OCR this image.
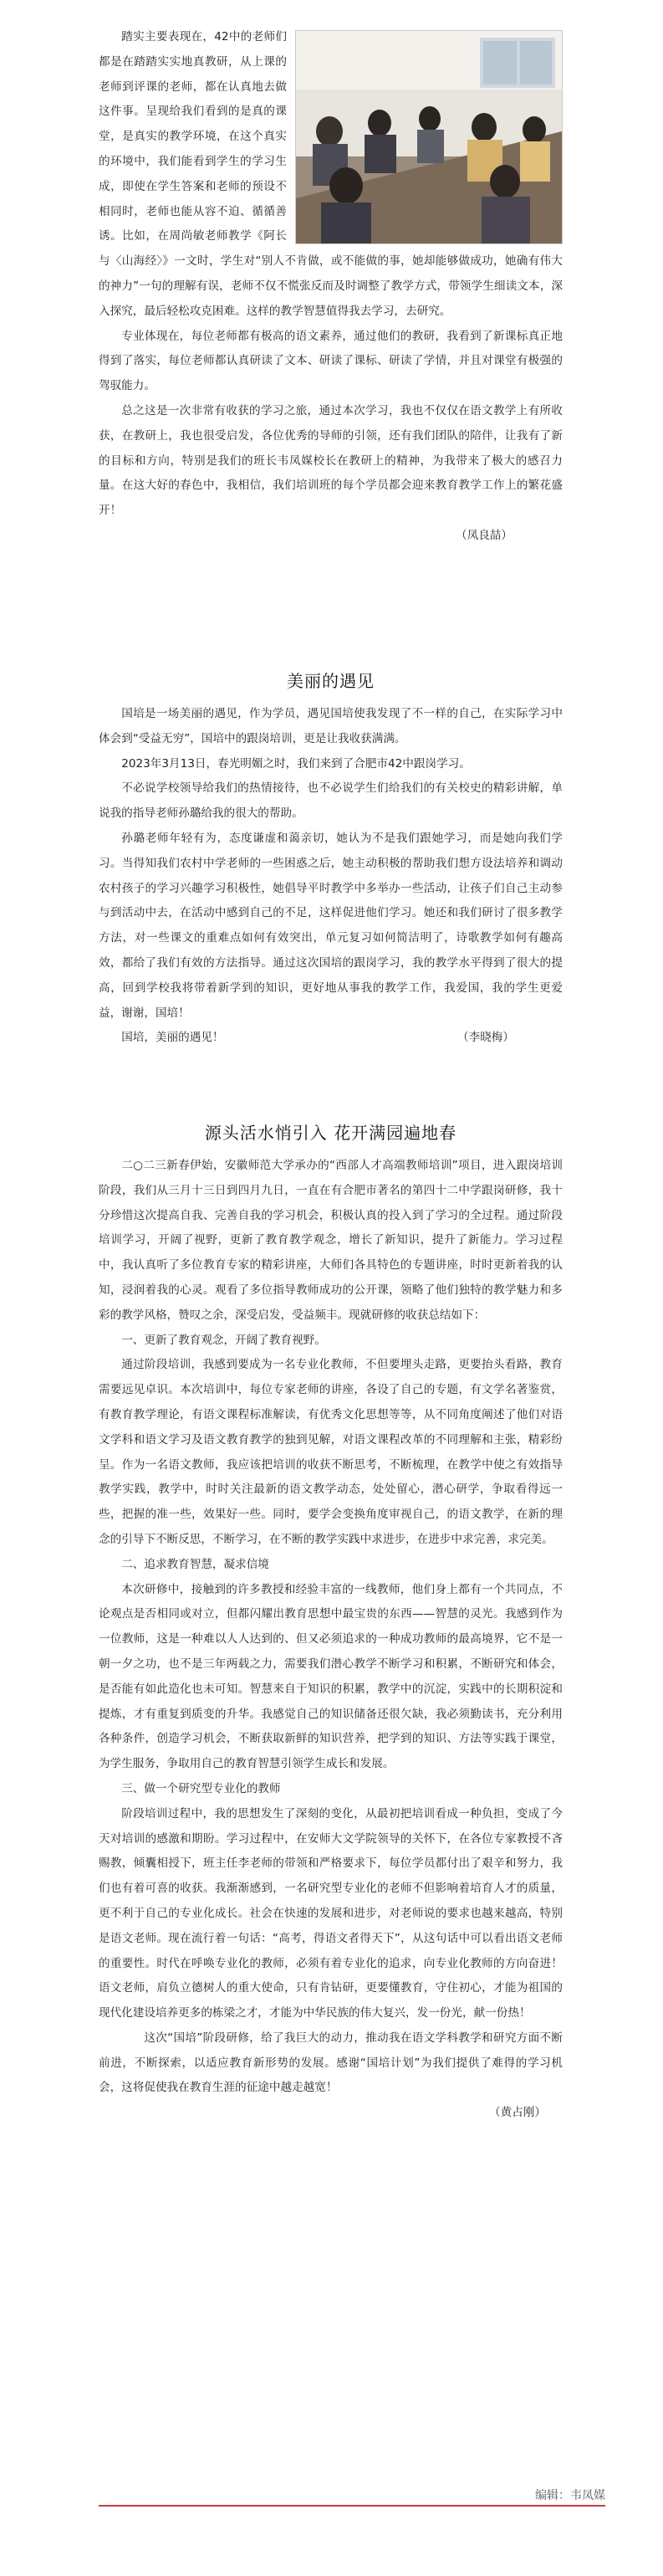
踏实主要表现在，42中的老师们都是在踏踏实实地真教研，从上课的老师到评课的老师，都在认真地去做这件事。呈现给我们看到的是真的课堂，是真实的教学环境，在这个真实的环境中，我们能看到学生的学习生成，即使在学生答案和老师的预设不相同时，老师也能从容不迫、循循善诱。比如，在周尚敏老师教学《阿长与〈山海经〉》一文时，学生对“别人不肯做，或不能做的事，她却能够做成功，她确有伟大的神力”一句的理解有误，老师不仅不慌张反而及时调整了教学方式，带领学生细读文本，深入探究，最后轻松攻克困难。这样的教学智慧值得我去学习，去研究。

专业体现在，每位老师都有极高的语文素养，通过他们的教研，我看到了新课标真正地得到了落实，每位老师都认真研读了文本、研读了课标、研读了学情，并且对课堂有极强的驾驭能力。

总之这是一次非常有收获的学习之旅，通过本次学习，我也不仅仅在语文教学上有所收获，在教研上，我也很受启发，各位优秀的导师的引领，还有我们团队的陪伴，让我有了新的目标和方向，特别是我们的班长韦凤媒校长在教研上的精神，为我带来了极大的感召力量。在这大好的春色中，我相信，我们培训班的每个学员都会迎来教育教学工作上的繁花盛开！

（凤良喆）

美丽的遇见

国培是一场美丽的遇见，作为学员，遇见国培使我发现了不一样的自己，在实际学习中体会到“受益无穷”，国培中的跟岗培训，更是让我收获满满。

2023年3月13日，春光明媚之时，我们来到了合肥市42中跟岗学习。

不必说学校领导给我们的热情接待，也不必说学生们给我们的有关校史的精彩讲解，单说我的指导老师孙璐给我的很大的帮助。

孙璐老师年轻有为，态度谦虚和蔼亲切，她认为不是我们跟她学习，而是她向我们学习。当得知我们农村中学老师的一些困惑之后，她主动积极的帮助我们想方设法培养和调动农村孩子的学习兴趣学习积极性，她倡导平时教学中多举办一些活动，让孩子们自己主动参与到活动中去，在活动中感到自己的不足，这样促进他们学习。她还和我们研讨了很多教学方法，对一些课文的重难点如何有效突出，单元复习如何简洁明了，诗歌教学如何有趣高效，都给了我们有效的方法指导。通过这次国培的跟岗学习，我的教学水平得到了很大的提高，回到学校我将带着新学到的知识，更好地从事我的教学工作，我爱国，我的学生更爱益，谢谢，国培！

国培，美丽的遇见！	（李晓梅）

源头活水悄引入 花开满园遍地春

二○二三新春伊始，安徽师范大学承办的“西部人才高端教师培训”项目，进入跟岗培训阶段，我们从三月十三日到四月九日，一直在有合肥市著名的第四十二中学跟岗研修，我十分珍惜这次提高自我、完善自我的学习机会，积极认真的投入到了学习的全过程。通过阶段培训学习，开阔了视野，更新了教育教学观念，增长了新知识，提升了新能力。学习过程中，我认真听了多位教育专家的精彩讲座，大师们各具特色的专题讲座，时时更新着我的认知，浸润着我的心灵。观看了多位指导教师成功的公开课，领略了他们独特的教学魅力和多彩的教学风格，赞叹之余，深受启发，受益频丰。现就研修的收获总结如下：

一、更新了教育观念，开阔了教育视野。

通过阶段培训，我感到要成为一名专业化教师，不但要埋头走路，更要抬头看路，教育需要远见卓识。本次培训中，每位专家老师的讲座，各设了自己的专题，有文学名著鉴赏，有教育教学理论，有语文课程标准解读，有优秀文化思想等等，从不同角度阐述了他们对语文学科和语文学习及语文教育教学的独到见解，对语文课程改革的不同理解和主张，精彩纷呈。作为一名语文教师，我应该把培训的收获不断思考，不断梳理，在教学中使之有效指导教学实践，教学中，时时关注最新的语文教学动态，处处留心，潜心研学，争取看得远一些，把握的准一些，效果好一些。同时，要学会变换角度审视自己，的语文教学，在新的理念的引导下不断反思，不断学习，在不断的教学实践中求进步，在进步中求完善，求完美。

二、追求教育智慧，凝求信境

本次研修中，接触到的许多教授和经验丰富的一线教师，他们身上都有一个共同点，不论观点是否相同或对立，但都闪耀出教育思想中最宝贵的东西——智慧的灵光。我感到作为一位教师，这是一种难以人人达到的、但又必须追求的一种成功教师的最高境界，它不是一朝一夕之功，也不是三年两载之力，需要我们潜心教学不断学习和积累，不断研究和体会，是否能有如此造化也未可知。智慧来自于知识的积累，教学中的沉淀，实践中的长期积淀和提炼，才有重复到质变的升华。我感觉自己的知识储备还很欠缺，我必须勤读书，充分利用各种条件，创造学习机会，不断获取新鲜的知识营养，把学到的知识、方法等实践于课堂，为学生服务，争取用自己的教育智慧引领学生成长和发展。

三、做一个研究型专业化的教师

阶段培训过程中，我的思想发生了深刻的变化，从最初把培训看成一种负担，变成了今天对培训的感激和期盼。学习过程中，在安师大文学院领导的关怀下，在各位专家教授不吝赐教，倾囊相授下，班主任李老师的带领和严格要求下，每位学员都付出了艰辛和努力，我们也有着可喜的收获。我渐渐感到，一名研究型专业化的老师不但影响着培育人才的质量，更不利于自己的专业化成长。社会在快速的发展和进步，对老师说的要求也越来越高，特别是语文老师。现在流行着一句话：“高考，得语文者得天下”，从这句话中可以看出语文老师的重要性。时代在呼唤专业化的教师，必须有着专业化的追求，向专业化教师的方向奋进！语文老师，肩负立德树人的重大使命，只有肯钻研，更要懂教育，守住初心，才能为祖国的现代化建设培养更多的栋梁之才，才能为中华民族的伟大复兴，发一份光，献一份热！

这次“国培”阶段研修，给了我巨大的动力，推动我在语文学科教学和研究方面不断前进，不断探索，以适应教育新形势的发展。感谢“国培计划”为我们提供了难得的学习机会，这将促使我在教育生涯的征途中越走越宽！

（黄占刚）

编辑：韦凤媒
